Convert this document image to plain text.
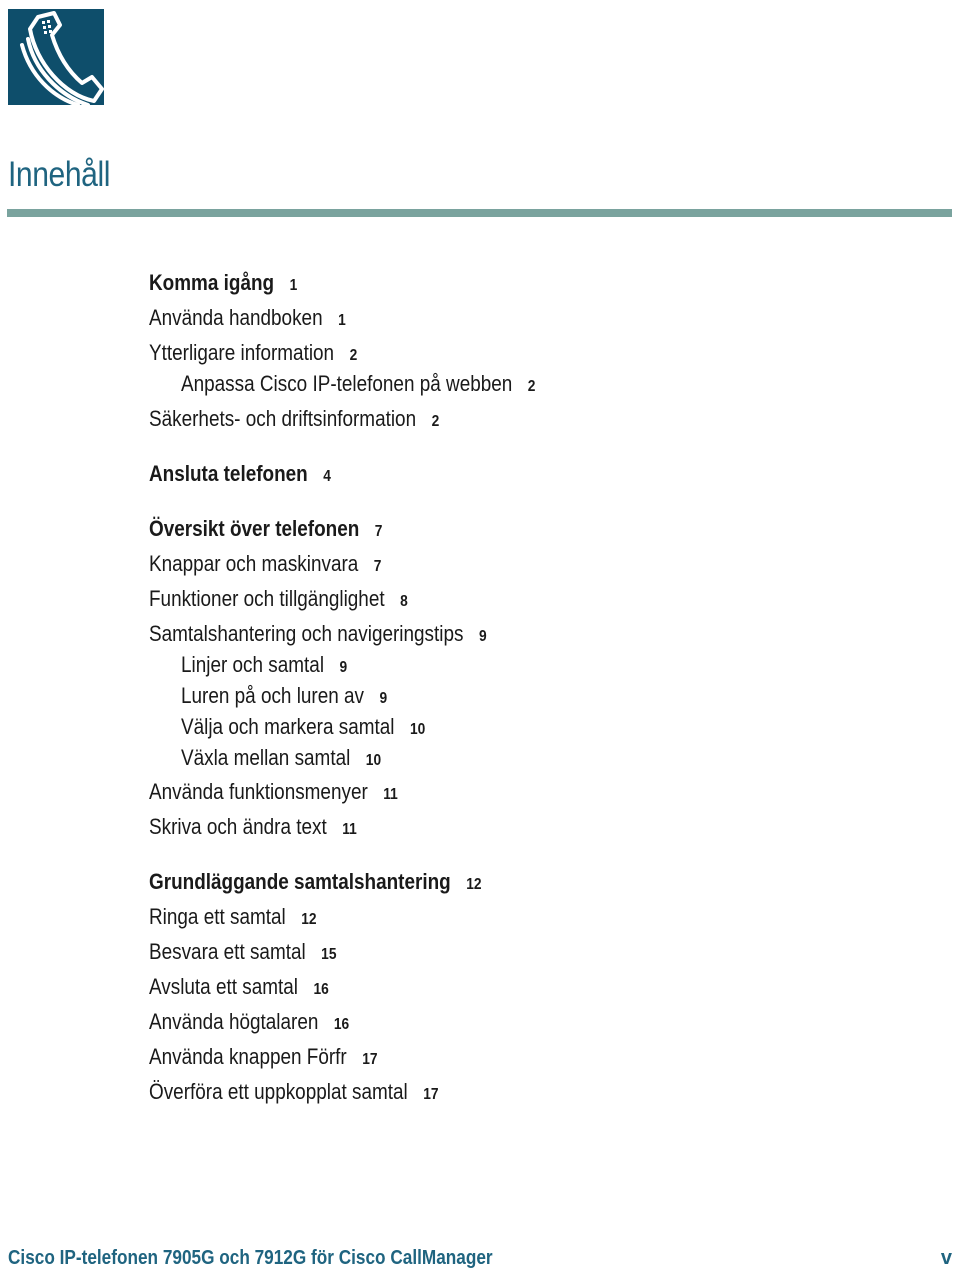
Innehåll
Komma igång 1
Använda handboken 1
Ytterligare information 2
Anpassa Cisco IP-telefonen på webben 2
Säkerhets- och driftsinformation 2
Ansluta telefonen 4
Översikt över telefonen 7
Knappar och maskinvara 7
Funktioner och tillgänglighet 8
Samtalshantering och navigeringstips 9
Linjer och samtal 9
Luren på och luren av 9
Välja och markera samtal 10
Växla mellan samtal 10
Använda funktionsmenyer 11
Skriva och ändra text 11
Grundläggande samtalshantering 12
Ringa ett samtal 12
Besvara ett samtal 15
Avsluta ett samtal 16
Använda högtalaren 16
Använda knappen Förfr 17
Överföra ett uppkopplat samtal 17
Cisco IP-telefonen 7905G och 7912G för Cisco CallManager	v
